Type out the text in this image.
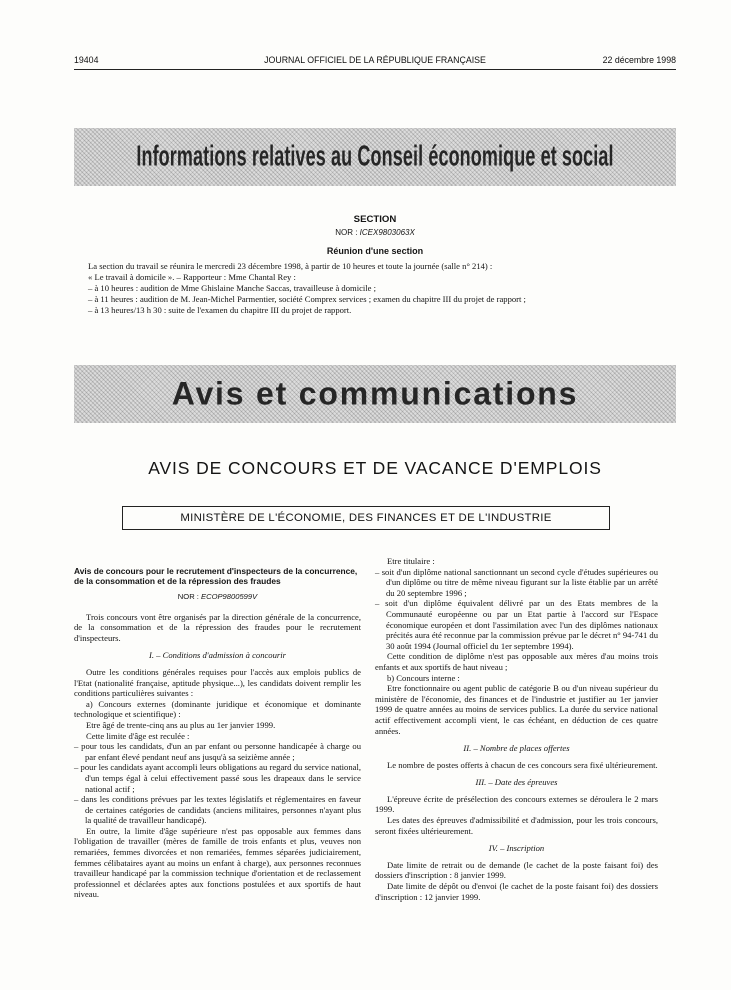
19404	JOURNAL OFFICIEL DE LA RÉPUBLIQUE FRANÇAISE	22 décembre 1998
Informations relatives au Conseil économique et social
SECTION
NOR : ICEX9803063X
Réunion d'une section
La section du travail se réunira le mercredi 23 décembre 1998, à partir de 10 heures et toute la journée (salle n° 214) :
« Le travail à domicile ». – Rapporteur : Mme Chantal Rey :
– à 10 heures : audition de Mme Ghislaine Manche Saccas, travailleuse à domicile ;
– à 11 heures : audition de M. Jean-Michel Parmentier, société Comprex services ; examen du chapitre III du projet de rapport ;
– à 13 heures/13 h 30 : suite de l'examen du chapitre III du projet de rapport.
Avis et communications
AVIS DE CONCOURS ET DE VACANCE D'EMPLOIS
MINISTÈRE DE L'ÉCONOMIE, DES FINANCES ET DE L'INDUSTRIE

Avis de concours pour le recrutement d'inspecteurs de la concurrence, de la consommation et de la répression des fraudes

NOR : ECOP9800599V

Trois concours vont être organisés par la direction générale de la concurrence, de la consommation et de la répression des fraudes pour le recrutement d'inspecteurs.

I. – Conditions d'admission à concourir

Outre les conditions générales requises pour l'accès aux emplois publics de l'Etat (nationalité française, aptitude physique...), les candidats doivent remplir les conditions particulières suivantes :

a) Concours externes (dominante juridique et économique et dominante technologique et scientifique) :

Etre âgé de trente-cinq ans au plus au 1er janvier 1999.

Cette limite d'âge est reculée :

– pour tous les candidats, d'un an par enfant ou personne handicapée à charge ou par enfant élevé pendant neuf ans jusqu'à sa seizième année ;

– pour les candidats ayant accompli leurs obligations au regard du service national, d'un temps égal à celui effectivement passé sous les drapeaux dans le service national actif ;

– dans les conditions prévues par les textes législatifs et réglementaires en faveur de certaines catégories de candidats (anciens militaires, personnes n'ayant plus la qualité de travailleur handicapé).

En outre, la limite d'âge supérieure n'est pas opposable aux femmes dans l'obligation de travailler (mères de famille de trois enfants et plus, veuves non remariées, femmes divorcées et non remariées, femmes séparées judiciairement, femmes célibataires ayant au moins un enfant à charge), aux personnes reconnues travailleur handicapé par la commission technique d'orientation et de reclassement professionnel et déclarées aptes aux fonctions postulées et aux sportifs de haut niveau.

Etre titulaire :

– soit d'un diplôme national sanctionnant un second cycle d'études supérieures ou d'un diplôme ou titre de même niveau figurant sur la liste établie par un arrêté du 20 septembre 1996 ;

– soit d'un diplôme équivalent délivré par un des Etats membres de la Communauté européenne ou par un Etat partie à l'accord sur l'Espace économique européen et dont l'assimilation avec l'un des diplômes nationaux précités aura été reconnue par la commission prévue par le décret n° 94-741 du 30 août 1994 (Journal officiel du 1er septembre 1994).

Cette condition de diplôme n'est pas opposable aux mères d'au moins trois enfants et aux sportifs de haut niveau ;

b) Concours interne :

Etre fonctionnaire ou agent public de catégorie B ou d'un niveau supérieur du ministère de l'économie, des finances et de l'industrie et justifier au 1er janvier 1999 de quatre années au moins de services publics. La durée du service national actif effectivement accompli vient, le cas échéant, en déduction de ces quatre années.

II. – Nombre de places offertes

Le nombre de postes offerts à chacun de ces concours sera fixé ultérieurement.

III. – Date des épreuves

L'épreuve écrite de présélection des concours externes se déroulera le 2 mars 1999.

Les dates des épreuves d'admissibilité et d'admission, pour les trois concours, seront fixées ultérieurement.

IV. – Inscription

Date limite de retrait ou de demande (le cachet de la poste faisant foi) des dossiers d'inscription : 8 janvier 1999.

Date limite de dépôt ou d'envoi (le cachet de la poste faisant foi) des dossiers d'inscription : 12 janvier 1999.
